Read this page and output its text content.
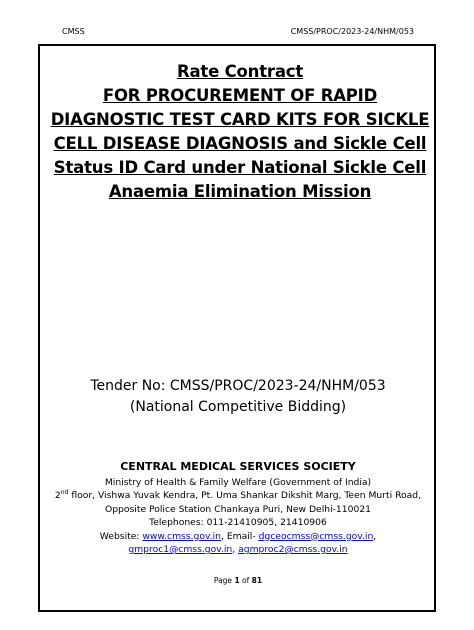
CMSS	CMSS/PROC/2023-24/NHM/053
Rate Contract
FOR PROCUREMENT OF RAPID
DIAGNOSTIC TEST CARD KITS FOR SICKLE
CELL DISEASE DIAGNOSIS and Sickle Cell
Status ID Card under National Sickle Cell
Anaemia Elimination Mission
Tender No: CMSS/PROC/2023-24/NHM/053
(National Competitive Bidding)
CENTRAL MEDICAL SERVICES SOCIETY
Ministry of Health & Family Welfare (Government of India)
2nd floor, Vishwa Yuvak Kendra, Pt. Uma Shankar Dikshit Marg, Teen Murti Road,
Opposite Police Station Chankaya Puri, New Delhi-110021
Telephones: 011-21410905, 21410906
Website: www.cmss.gov.in, Email- dgceocmss@cmss.gov.in,
gmproc1@cmss.gov.in, agmproc2@cmss.gov.in
Page 1 of 81
